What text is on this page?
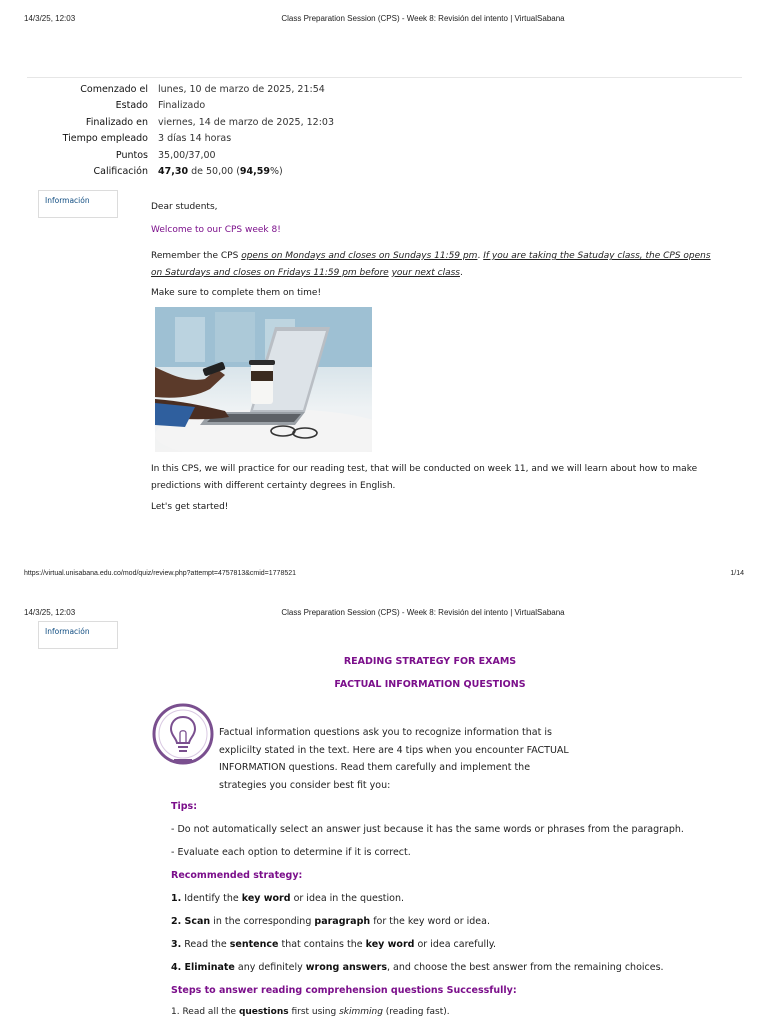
14/3/25, 12:03	Class Preparation Session (CPS) - Week 8: Revisión del intento | VirtualSabana
Comenzado el	lunes, 10 de marzo de 2025, 21:54
Estado	Finalizado
Finalizado en	viernes, 14 de marzo de 2025, 12:03
Tiempo empleado	3 días 14 horas
Puntos	35,00/37,00
Calificación	47,30 de 50,00 (94,59%)
Información

Dear students,

Welcome to our CPS week 8!
Remember the CPS opens on Mondays and closes on Sundays 11:59 pm. If you are taking the Satuday class, the CPS opens on Saturdays and closes on Fridays 11:59 pm before your next class.
Make sure to complete them on time!
In this CPS, we will practice for our reading test, that will be conducted on week 11, and we will learn about how to make predictions with different certainty degrees in English.
Let's get started!
https://virtual.unisabana.edu.co/mod/quiz/review.php?attempt=4757813&cmid=1778521	1/14
14/3/25, 12:03	Class Preparation Session (CPS) - Week 8: Revisión del intento | VirtualSabana
Información
READING STRATEGY FOR EXAMS
FACTUAL INFORMATION QUESTIONS
Factual information questions ask you to recognize information that is explicilty stated in the text. Here are 4 tips when you encounter FACTUAL INFORMATION questions. Read them carefully and implement the strategies you consider best fit you:
Tips:
- Do not automatically select an answer just because it has the same words or phrases from the paragraph.
- Evaluate each option to determine if it is correct.
Recommended strategy:
1. Identify the key word or idea in the question.
2. Scan in the corresponding paragraph for the key word or idea.
3. Read the sentence that contains the key word or idea carefully.
4. Eliminate any definitely wrong answers, and choose the best answer from the remaining choices.
Steps to answer reading comprehension questions Successfully:
1. Read all the questions first using skimming (reading fast).
